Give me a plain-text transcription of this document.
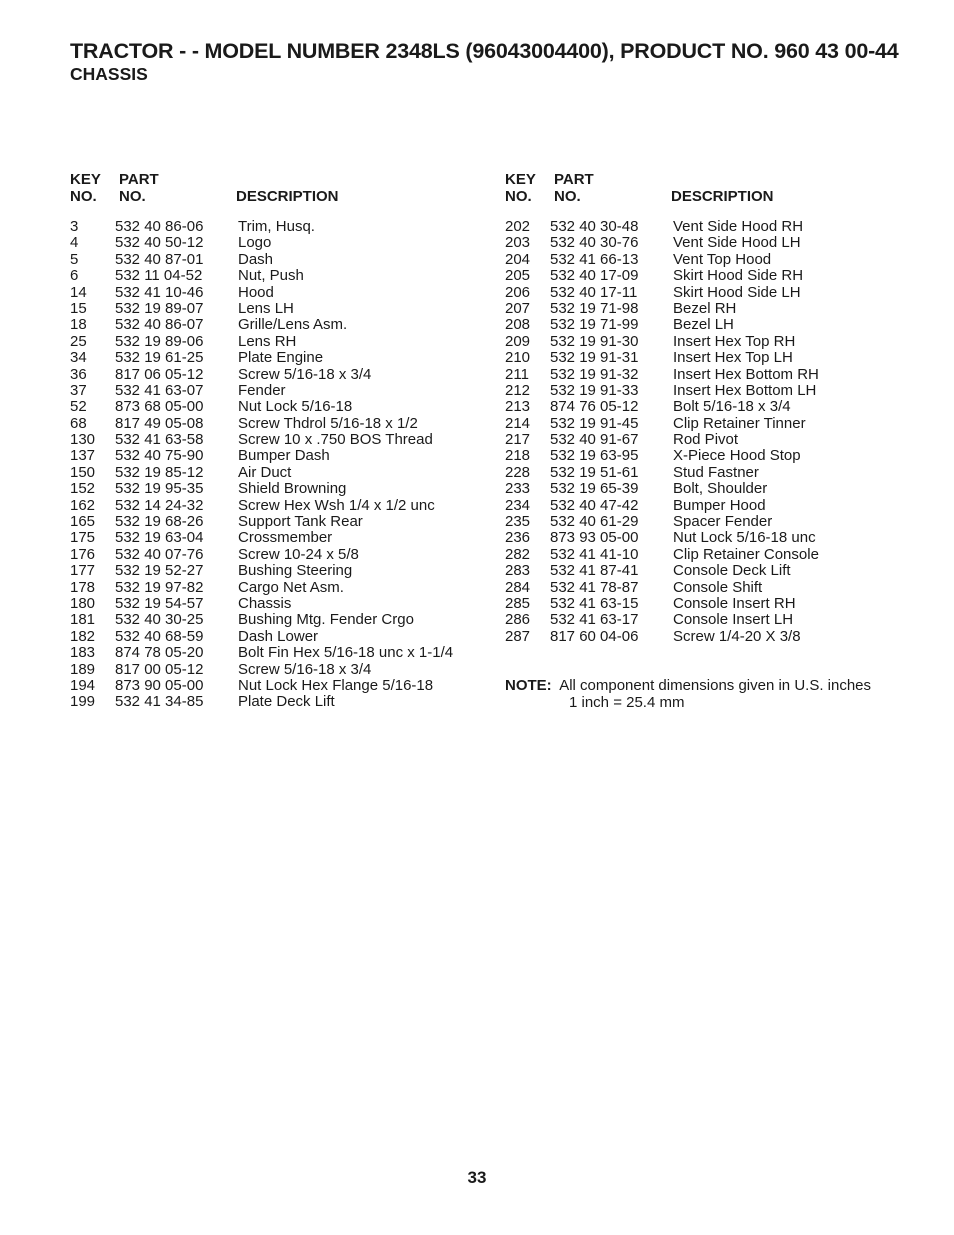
TRACTOR - - MODEL NUMBER 2348LS (96043004400), PRODUCT NO. 960 43 00-44
CHASSIS
KEY
NO.
PART
NO.	DESCRIPTION
3 532 40 86-06 Trim, Husq.
4 532 40 50-12 Logo
5 532 40 87-01 Dash
6 532 11 04-52 Nut, Push
14 532 41 10-46 Hood
15 532 19 89-07 Lens LH
18 532 40 86-07 Grille/Lens Asm.
25 532 19 89-06 Lens RH
34 532 19 61-25 Plate Engine
36 817 06 05-12 Screw 5/16-18 x 3/4
37 532 41 63-07 Fender
52 873 68 05-00 Nut Lock 5/16-18
68 817 49 05-08 Screw Thdrol 5/16-18 x 1/2
130 532 41 63-58 Screw 10 x .750 BOS Thread
137 532 40 75-90 Bumper Dash
150 532 19 85-12 Air Duct
152 532 19 95-35 Shield Browning
162 532 14 24-32 Screw Hex Wsh 1/4 x 1/2 unc
165 532 19 68-26 Support Tank Rear
175 532 19 63-04 Crossmember
176 532 40 07-76 Screw 10-24 x 5/8
177 532 19 52-27 Bushing Steering
178 532 19 97-82 Cargo Net Asm.
180 532 19 54-57 Chassis
181 532 40 30-25 Bushing Mtg. Fender Crgo
182 532 40 68-59 Dash Lower
183 874 78 05-20 Bolt Fin Hex 5/16-18 unc x 1-1/4
189 817 00 05-12 Screw 5/16-18 x 3/4
194 873 90 05-00 Nut Lock Hex Flange 5/16-18
199 532 41 34-85 Plate Deck Lift
KEY
NO.
PART
NO.	DESCRIPTION
202 532 40 30-48 Vent Side Hood RH
203 532 40 30-76 Vent Side Hood LH
204 532 41 66-13 Vent Top Hood
205 532 40 17-09 Skirt Hood Side RH
206 532 40 17-11 Skirt Hood Side LH
207 532 19 71-98 Bezel RH
208 532 19 71-99 Bezel LH
209 532 19 91-30 Insert Hex Top RH
210 532 19 91-31 Insert Hex Top LH
211 532 19 91-32 Insert Hex Bottom RH
212 532 19 91-33 Insert Hex Bottom LH
213 874 76 05-12 Bolt 5/16-18 x 3/4
214 532 19 91-45 Clip Retainer Tinner
217 532 40 91-67 Rod Pivot
218 532 19 63-95 X-Piece Hood Stop
228 532 19 51-61 Stud Fastner
233 532 19 65-39 Bolt, Shoulder
234 532 40 47-42 Bumper Hood
235 532 40 61-29 Spacer Fender
236 873 93 05-00 Nut Lock 5/16-18 unc
282 532 41 41-10 Clip Retainer Console
283 532 41 87-41 Console Deck Lift
284 532 41 78-87 Console Shift
285 532 41 63-15 Console Insert RH
286 532 41 63-17 Console Insert LH
287 817 60 04-06 Screw 1/4-20 X 3/8
NOTE: All component dimensions given in U.S. inches
1 inch = 25.4 mm
33
